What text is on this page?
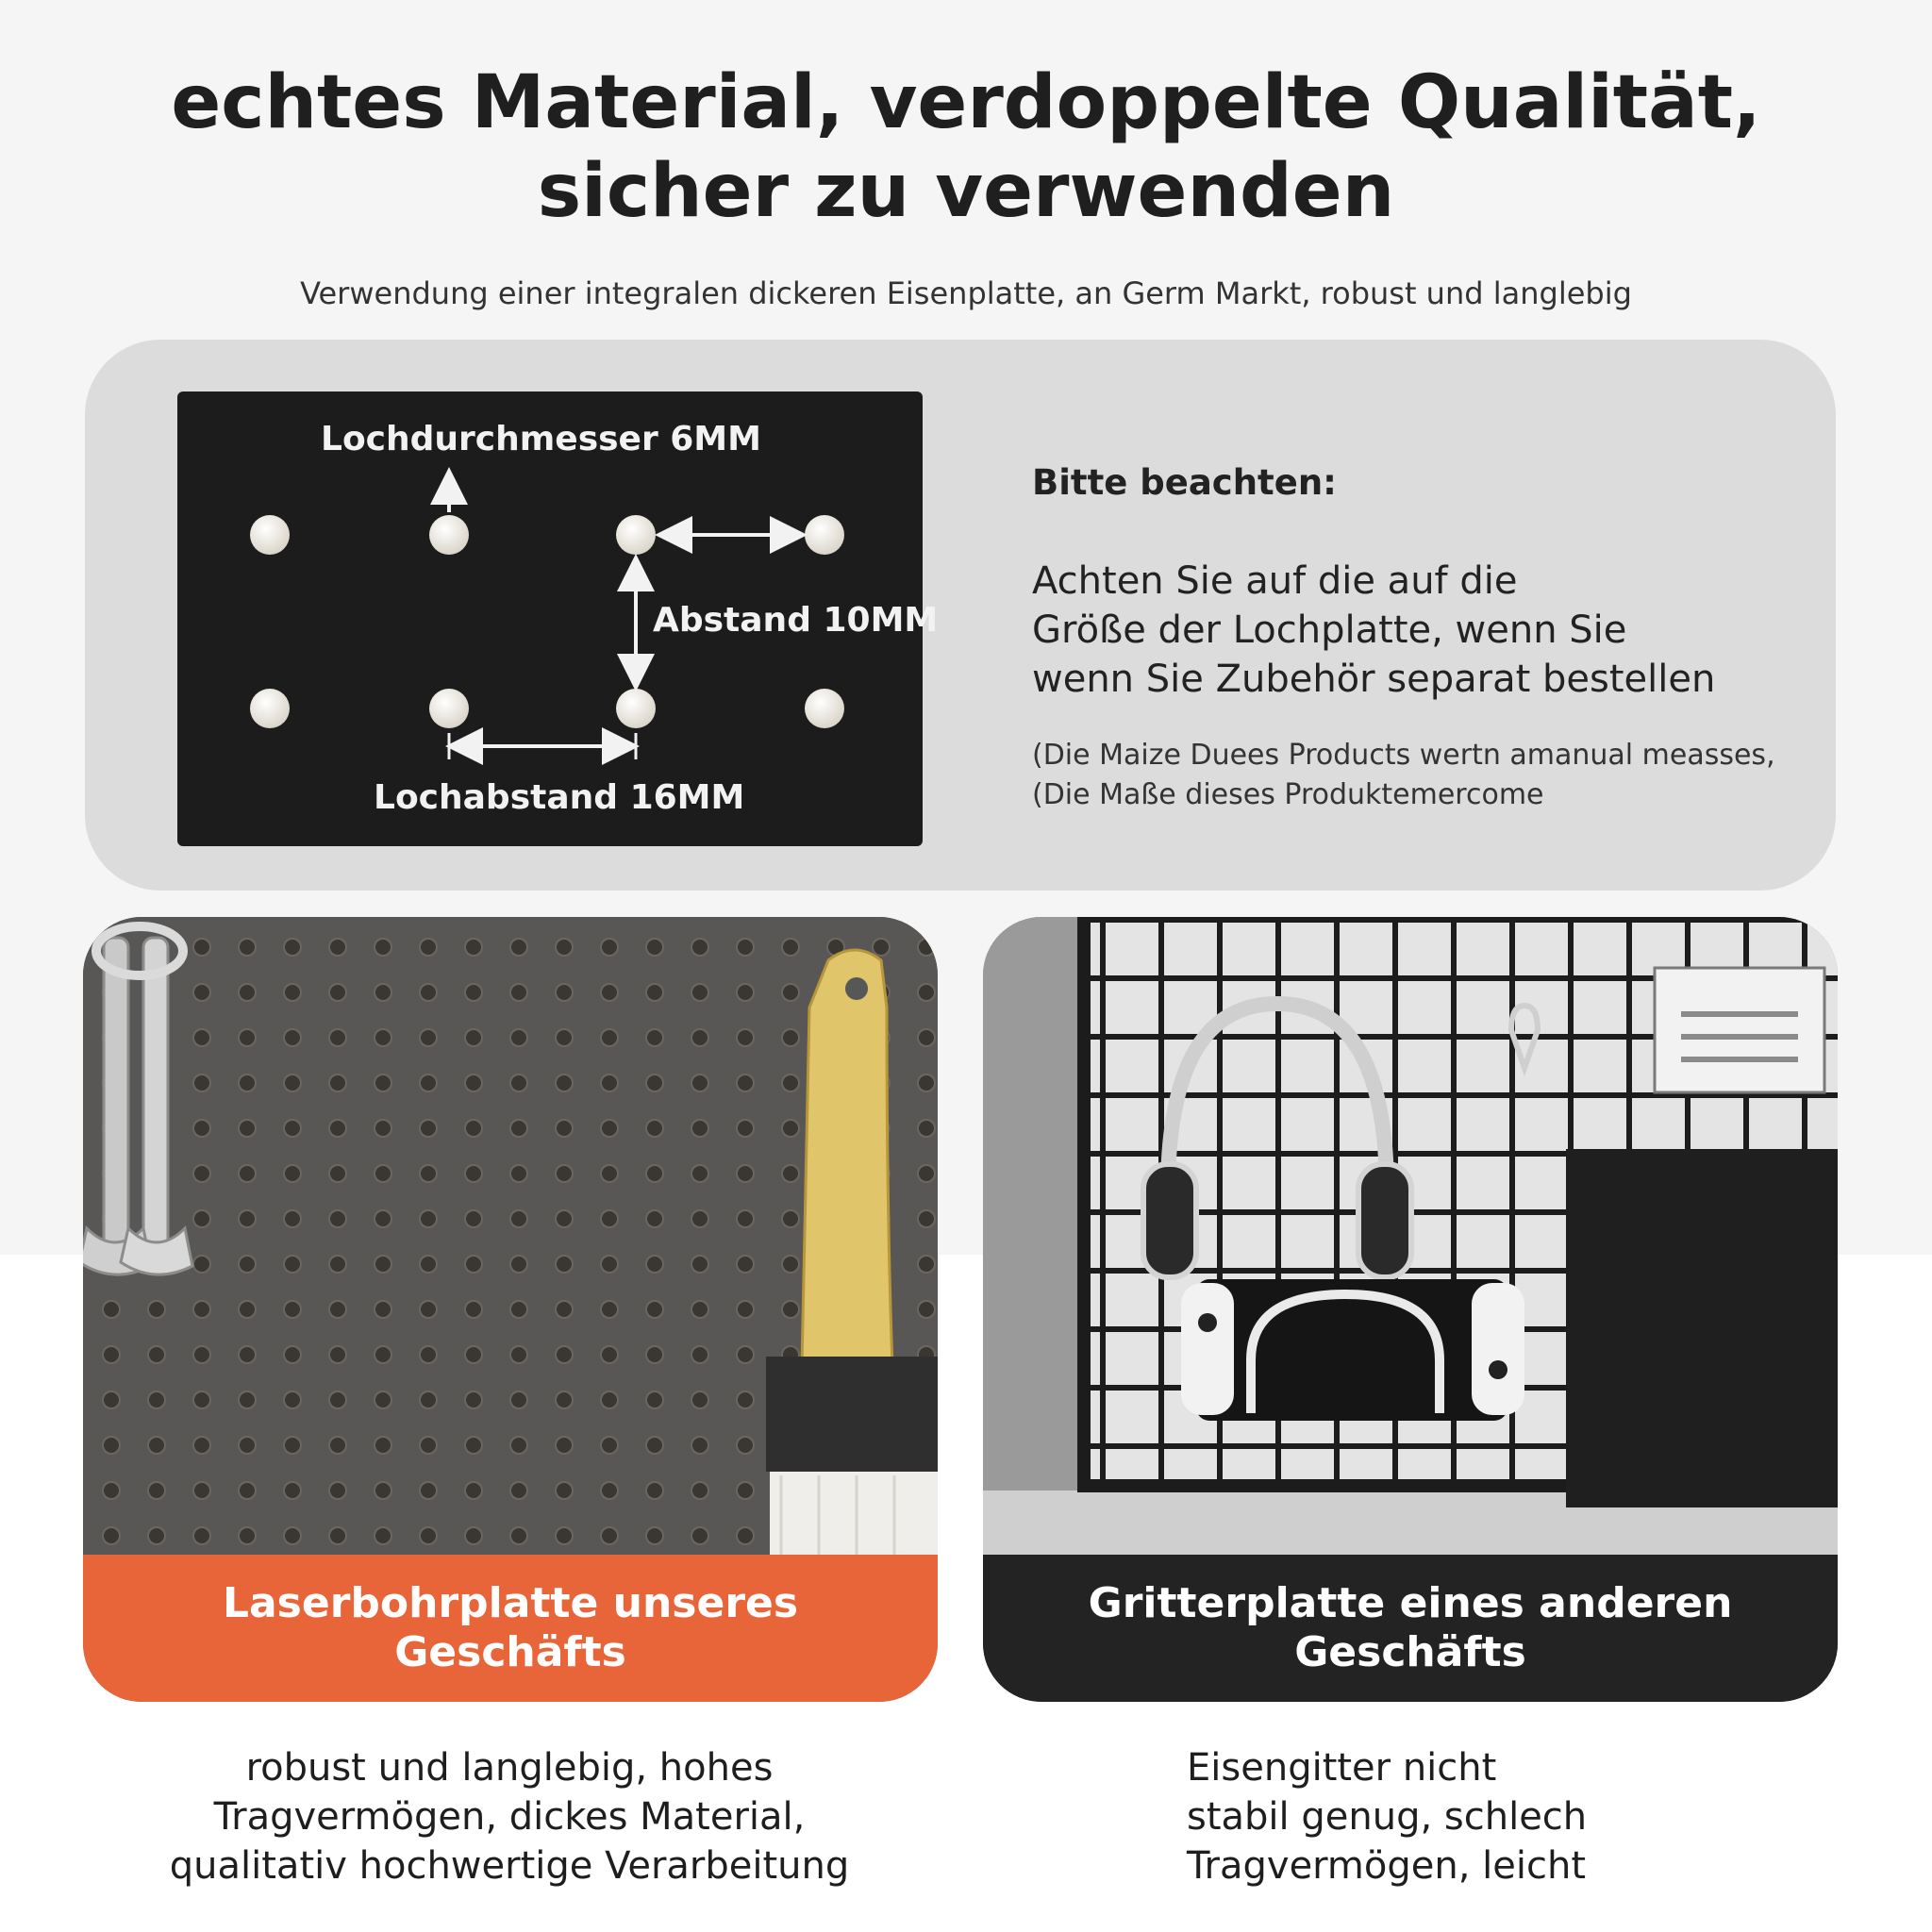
echtes Material, verdoppelte Qualität,
sicher zu verwenden
Verwendung einer integralen dickeren Eisenplatte, an Germ Markt, robust und langlebig
Lochdurchmesser 6MM
Abstand 10MM
Lochabstand 16MM
Bitte beachten:
Achten Sie auf die auf die
Größe der Lochplatte, wenn Sie
wenn Sie Zubehör separat bestellen
(Die Maize Duees Products wertn amanual measses,
(Die Maße dieses Produktemercome
Laserbohrplatte unseres
Geschäfts
Gritterplatte eines anderen
Geschäfts
robust und langlebig, hohes
Tragvermögen, dickes Material,
qualitativ hochwertige Verarbeitung
Eisengitter nicht
stabil genug, schlech
Tragvermögen, leicht
